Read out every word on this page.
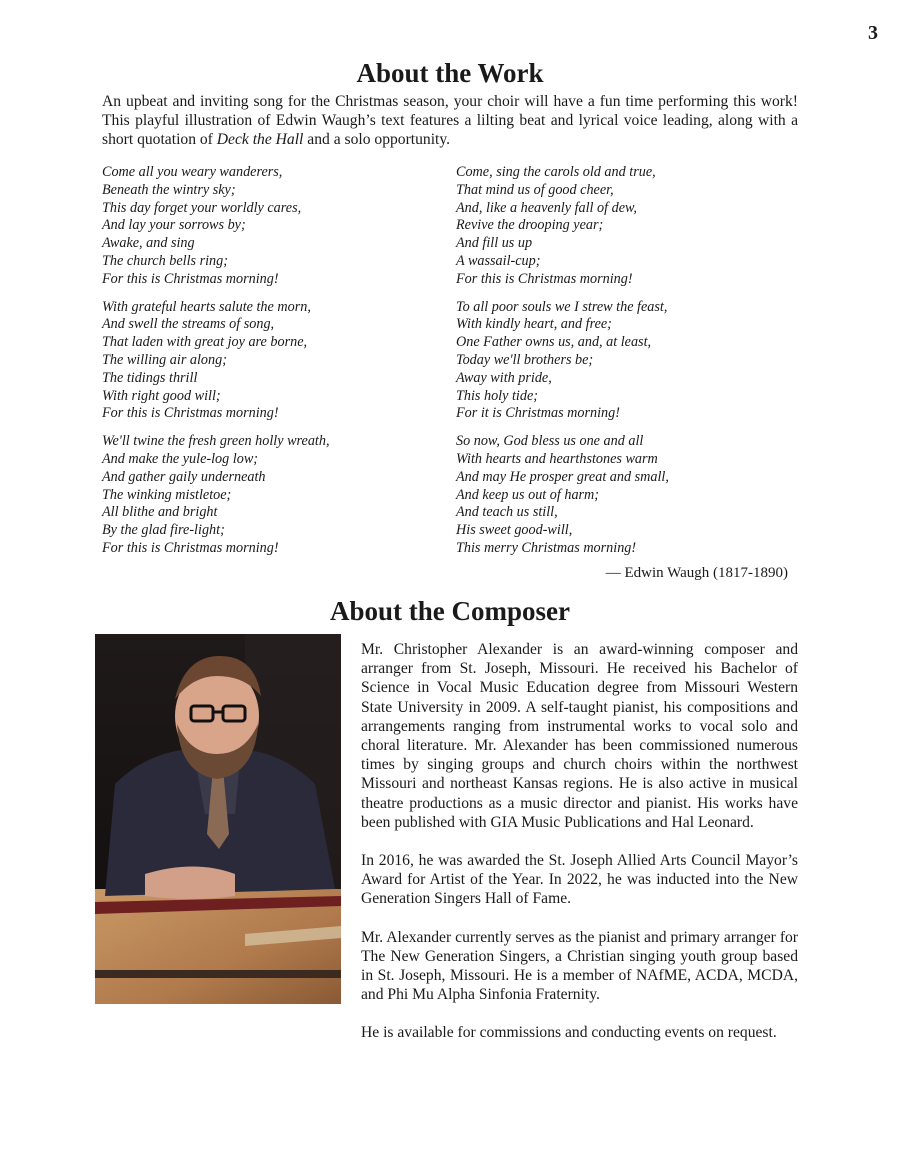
3
About the Work

An upbeat and inviting song for the Christmas season, your choir will have a fun time performing this work! This playful illustration of Edwin Waugh’s text features a lilting beat and lyrical voice leading, along with a short quotation of Deck the Hall and a solo opportunity.

Come all you weary wanderers,
Beneath the wintry sky;
This day forget your worldly cares,
And lay your sorrows by;
Awake, and sing
The church bells ring;
For this is Christmas morning!
With grateful hearts salute the morn,
And swell the streams of song,
That laden with great joy are borne,
The willing air along;
The tidings thrill
With right good will;
For this is Christmas morning!
We'll twine the fresh green holly wreath,
And make the yule-log low;
And gather gaily underneath
The winking mistletoe;
All blithe and bright
By the glad fire-light;
For this is Christmas morning!
Come, sing the carols old and true,
That mind us of good cheer,
And, like a heavenly fall of dew,
Revive the drooping year;
And fill us up
A wassail-cup;
For this is Christmas morning!
To all poor souls we I strew the feast,
With kindly heart, and free;
One Father owns us, and, at least,
Today we'll brothers be;
Away with pride,
This holy tide;
For it is Christmas morning!
So now, God bless us one and all
With hearts and hearthstones warm
And may He prosper great and small,
And keep us out of harm;
And teach us still,
His sweet good-will,
This merry Christmas morning!
— Edwin Waugh (1817-1890)
About the Composer

Mr. Christopher Alexander is an award-winning composer and arranger from St. Joseph, Missouri. He received his Bachelor of Science in Vocal Music Education degree from Missouri Western State University in 2009. A self-taught pianist, his compositions and arrangements ranging from instrumental works to vocal solo and choral literature. Mr. Alexander has been commissioned numerous times by singing groups and church choirs within the northwest Missouri and northeast Kansas regions. He is also active in musical theatre productions as a music director and pianist. His works have been published with GIA Music Publications and Hal Leonard.

In 2016, he was awarded the St. Joseph Allied Arts Council Mayor’s Award for Artist of the Year. In 2022, he was inducted into the New Generation Singers Hall of Fame.

Mr. Alexander currently serves as the pianist and primary arranger for The New Generation Singers, a Christian singing youth group based in St. Joseph, Missouri. He is a member of NAfME, ACDA, MCDA, and Phi Mu Alpha Sinfonia Fraternity.

He is available for commissions and conducting events on request.
